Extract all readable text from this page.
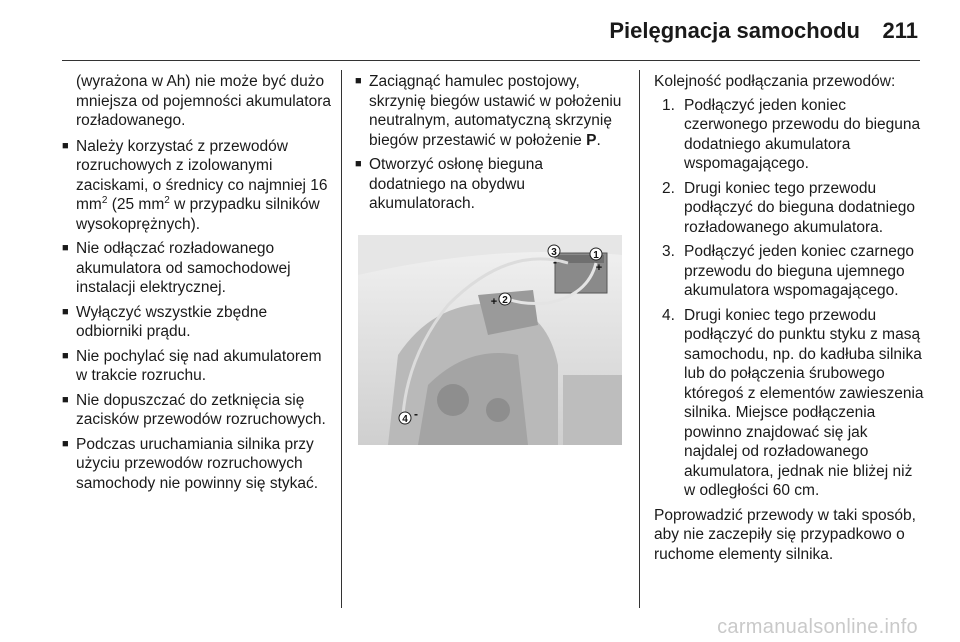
Pielęgnacja samochodu 211

(wyrażona w Ah) nie może być dużo mniejsza od pojemności akumulatora rozładowanego.

■ Należy korzystać z przewodów rozruchowych z izolowanymi zaciskami, o średnicy co najmniej 16 $mm^2$ (25 $mm^2$ w przypadku silników wysokoprężnych).
■ Nie odłączać rozładowanego akumulatora od samochodowej instalacji elektrycznej.
■ Wyłączyć wszystkie zbędne odbiorniki prądu.
■ Nie pochylać się nad akumulatorem w trakcie rozruchu.
■ Nie dopuszczać do zetknięcia się zacisków przewodów rozruchowych.
■ Podczas uruchamiania silnika przy użyciu przewodów rozruchowych samochody nie powinny się stykać.
■ Zaciągnąć hamulec postojowy, skrzynię biegów ustawić w położeniu neutralnym, automatyczną skrzynię biegów przestawić w położenie P.
■ Otworzyć osłonę bieguna dodatniego na obydwu akumulatorach.
1
+
2
+
3
-
4 -

Kolejność podłączania przewodów:

1. Podłączyć jeden koniec czerwonego przewodu do bieguna dodatniego akumulatora wspomagającego.
2. Drugi koniec tego przewodu podłączyć do bieguna dodatniego rozładowanego akumulatora.
3. Podłączyć jeden koniec czarnego przewodu do bieguna ujemnego akumulatora wspomagającego.
4. Drugi koniec tego przewodu podłączyć do punktu styku z masą samochodu, np. do kadłuba silnika lub do połączenia śrubowego któregoś z elementów zawieszenia silnika. Miejsce podłączenia powinno znajdować się jak najdalej od rozładowanego akumulatora, jednak nie bliżej niż w odległości 60 cm.

Poprowadzić przewody w taki sposób, aby nie zaczepiły się przypadkowo o ruchome elementy silnika.

carmanualsonline.info
